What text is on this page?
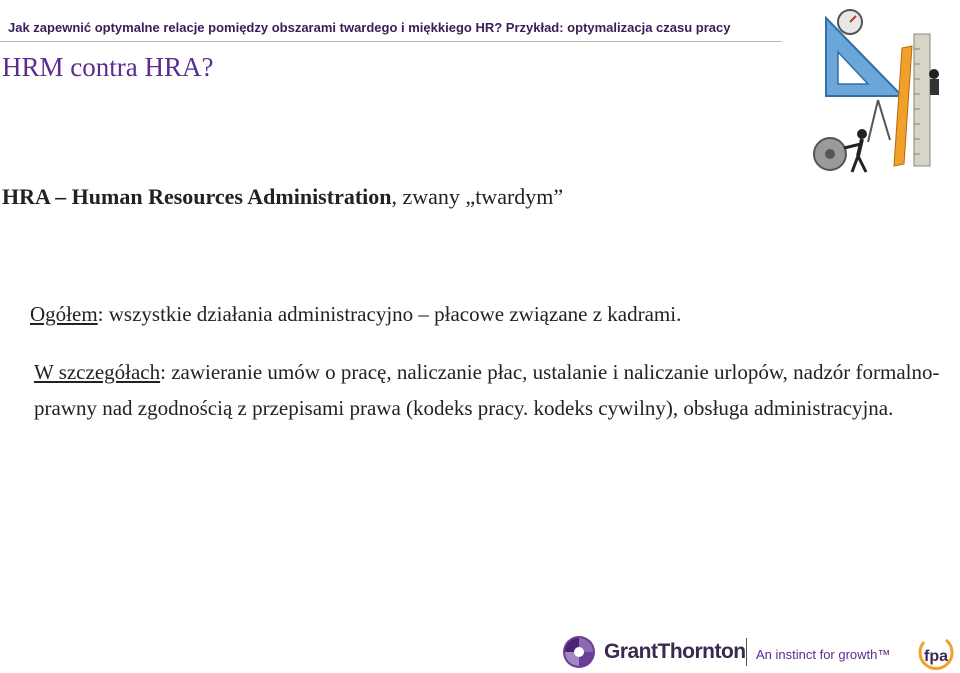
Jak zapewnić optymalne relacje pomiędzy obszarami twardego i miękkiego HR? Przykład: optymalizacja czasu pracy
HRM contra HRA?
HRA – Human Resources Administration, zwany „twardym”
Ogółem: wszystkie działania administracyjno – płacowe związane z kadrami.
W szczegółach: zawieranie umów o pracę, naliczanie płac, ustalanie i naliczanie urlopów, nadzór formalno-prawny nad zgodnością z przepisami prawa (kodeks pracy. kodeks cywilny), obsługa administracyjna.
GrantThornton An instinct for growth™ fpa
